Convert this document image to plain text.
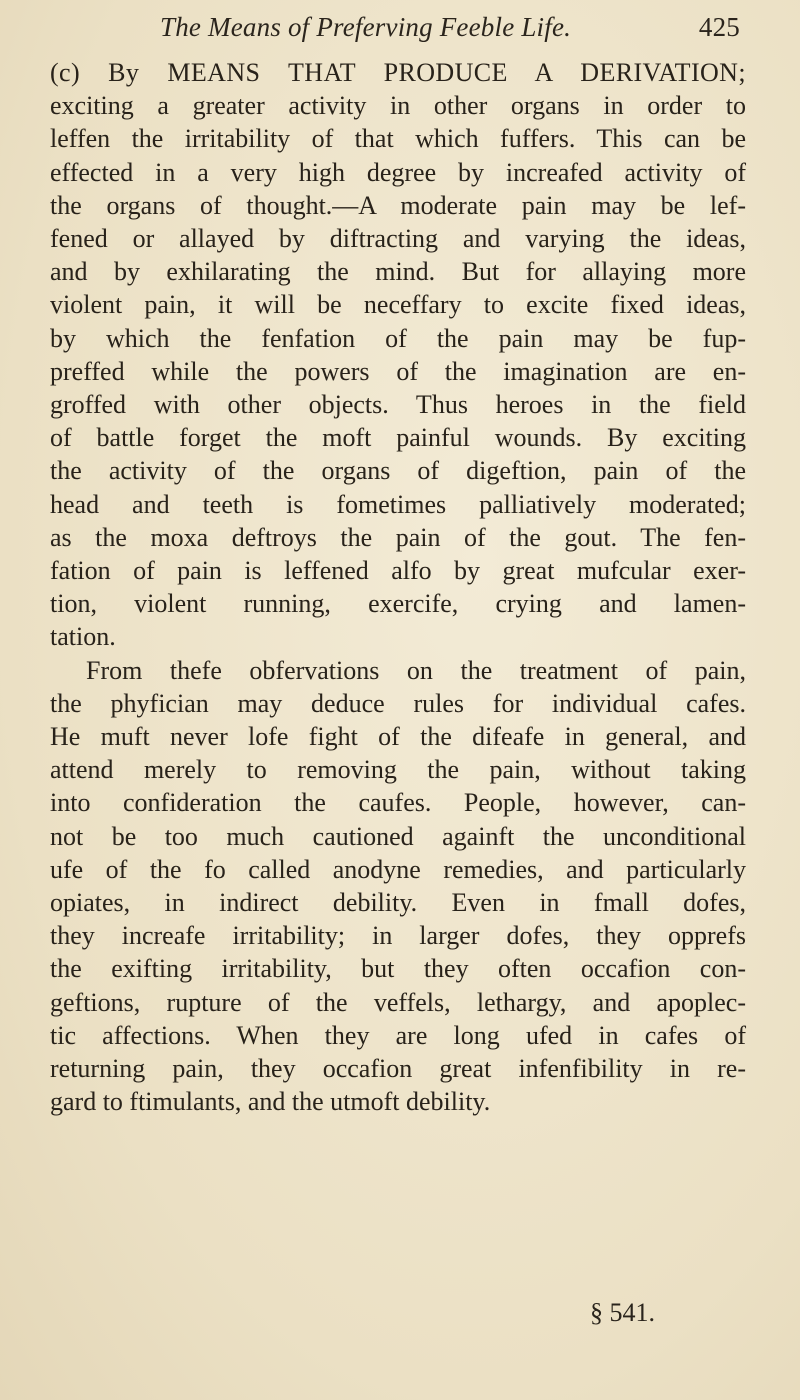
The Means of Preferving Feeble Life.	425

(c) By MEANS THAT PRODUCE A DERIVATION;
exciting a greater activity in other organs in order to
leffen the irritability of that which fuffers. This can be
effected in a very high degree by increafed activity of
the organs of thought.—A moderate pain may be lef-
fened or allayed by diftracting and varying the ideas,
and by exhilarating the mind. But for allaying more
violent pain, it will be neceffary to excite fixed ideas,
by which the fenfation of the pain may be fup-
preffed while the powers of the imagination are en-
groffed with other objects. Thus heroes in the field
of battle forget the moft painful wounds. By exciting
the activity of the organs of digeftion, pain of the
head and teeth is fometimes palliatively moderated;
as the moxa deftroys the pain of the gout. The fen-
fation of pain is leffened alfo by great mufcular exer-
tion, violent running, exercife, crying and lamen-
tation.

From thefe obfervations on the treatment of pain,
the phyfician may deduce rules for individual cafes.
He muft never lofe fight of the difeafe in general, and
attend merely to removing the pain, without taking
into confideration the caufes. People, however, can-
not be too much cautioned againft the unconditional
ufe of the fo called anodyne remedies, and particularly
opiates, in indirect debility. Even in fmall dofes,
they increafe irritability; in larger dofes, they opprefs
the exifting irritability, but they often occafion con-
geftions, rupture of the veffels, lethargy, and apoplec-
tic affections. When they are long ufed in cafes of
returning pain, they occafion great infenfibility in re-
gard to ftimulants, and the utmoft debility.

§ 541.
